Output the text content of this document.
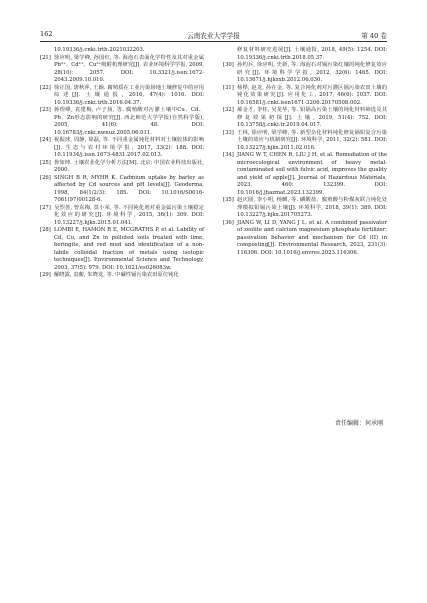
162	云南农业大学学报	第 40 卷
10.19336/j.cnki.trtb.2021032203.
[21] 徐应明, 梁学峰, 孙国红, 等. 海泡石表面化学特性及其对重金属Pb²⁺、Cd²⁺、Cu²⁺吸附机理研究[J]. 农业环境科学学报, 2009, 28(10): 2057. DOI: 10.3321/j.issn:1672-2043.2009.10.010.
[22] 徐正国, 唐秋萍, 王颖. 腐殖质在工业污染场地土壤修复中的应用综述[J]. 土壤通报, 2016, 47(4): 1016. DOI: 10.19336/j.cnki.trtb.2016.04.37.
[23] 蒋煜峰, 袁建梅, 卢子扬, 等. 腐殖酸对污灌土壤中Cu、Cd、Pb、Zn形态影响的研究[J]. 西北师范大学学报(自然科学版), 2005, 41(6): 48. DOI: 10.16783/j.cnki.nwnuz.2005.06.011.
[24] 祝振球, 周静, 徐磊, 等. 不同重金属钝化材料对土壤胶体的影响[J]. 生态与农村环境学报, 2017, 33(2): 188. DOI: 10.11934/j.issn.1673-4831.2017.02.013.
[25] 鲁如坤. 土壤农业化学分析方法[M]. 北京: 中国农业科技出版社, 2000.
[26] SINGH B R, MYHR K. Cadmium uptake by barley as affected by Cd sources and pH levels[J]. Geoderma, 1998, 84(1/2/3): 185. DOI: 10.1016/S0016-7061(97)00128-6.
[27] 吴烈善, 曾东梅, 莫小荣, 等. 不同钝化剂对重金属污染土壤稳定化效应的研究[J]. 环境科学, 2015, 36(1): 309. DOI: 10.13227/j.hjkx.2015.01.041.
[28] LOMBI E, HAMON R E, MCGRATHS P, et al. Lability of Cd, Cu, and Zn in polluted soils treated with lime, beringite, and red mud and identification of a non-labile colloidal fraction of metals using isotopic techniques[J]. Environmental Science and Technology, 2003, 37(5): 979. DOI: 10.1021/es026083w.
[29] 解晓露, 袁蘅, 朱晓龙, 等. 中碱性镉污染农田原位钝化
修复材料研究进展[J]. 土壤通报, 2018, 49(5): 1254. DOI: 10.19336/j.cnki.trtb.2018.05.37.
[30] 孙约兵, 徐应明, 史新, 等. 海泡石对镉污染红壤的钝化修复效应研究[J]. 环境科学学报, 2012, 32(6): 1465. DOI: 10.13671/j.hjkxxb.2012.06.030.
[31] 杨桦, 赵龙, 孙在金, 等. 复合钝化剂对污灌区镉污染农田土壤的钝化效果研究[J]. 应用化工, 2017, 46(6): 1037. DOI: 10.16581/j.cnki.issn1671-3206.20170508.002.
[32] 郝金才, 李柱, 吴龙华, 等. 铅镉高污染土壤的钝化材料筛选及其修复效果初探[J]. 土壤, 2019, 51(4): 752. DOI: 10.13758/j.cnki.tr.2019.04.017.
[33] 王林, 徐应明, 梁学峰, 等. 新型杂化材料钝化修复镉铅复合污染土壤的效应与机制研究[J]. 环境科学, 2011, 32(2): 581. DOI: 10.13227/j.hjkx.2011.02.016.
[34] JIANG W T, CHEN R, LIU J H, et al. Remediation of the microecological environment of heavy metal-contaminated soil with fulvic acid, improves the quality and yield of apple[J]. Journal of Hazardous Materials, 2023, 460: 132399. DOI: 10.1016/j.jhazmat.2023.132399.
[35] 赵庆圆, 李小明, 杨麒, 等. 磷酸盐、腐殖酸与粉煤灰联合钝化处理模拟铅镉污染土壤[J]. 环境科学, 2018, 39(1): 389. DOI: 10.13227/j.hjkx.201705273.
[36] JIANG W, LI D, YANG J L, et al. A combined passivator of zeolite and calcium magnesium phosphate fertilizer: passivation behavior and mechanism for Cd (II) in composting[J]. Environmental Research, 2023, 231(3): 116306. DOI: 10.1016/j.envres.2023.116306.
责任编辑：何承刚
